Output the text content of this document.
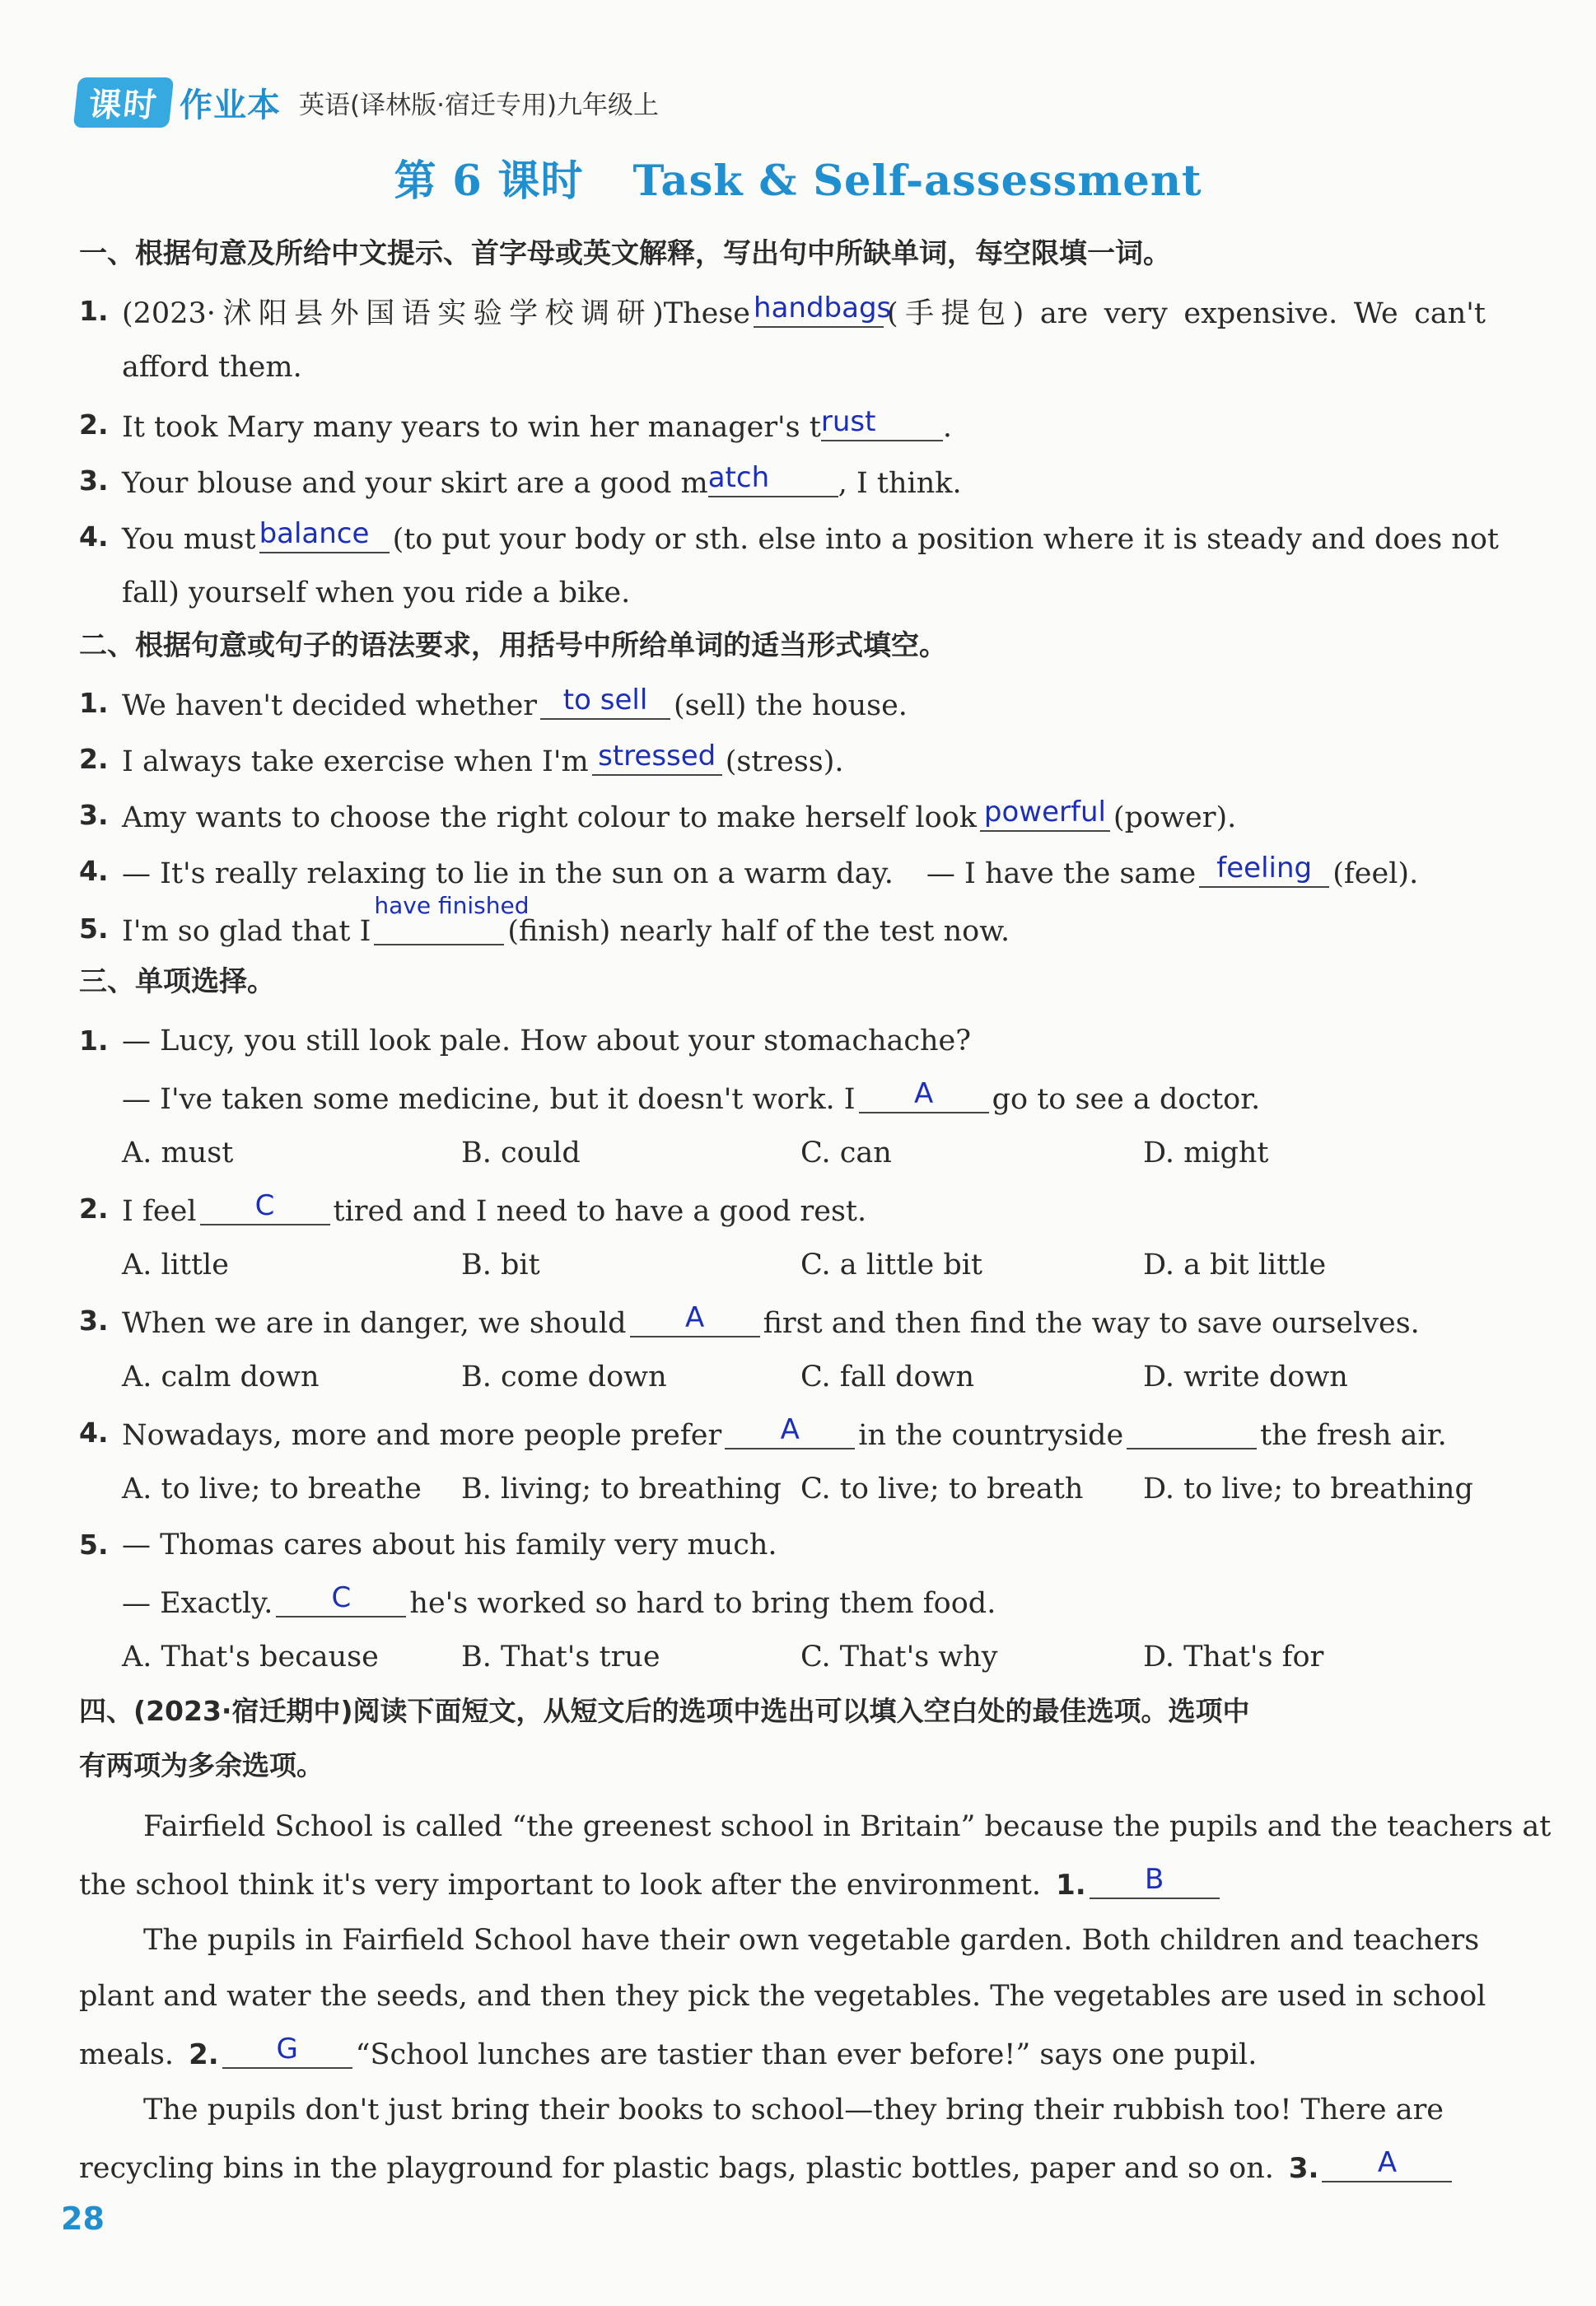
课时 作业本 英语(译林版·宿迁专用)九年级上
第 6 课时 Task & Self-assessment
一、根据句意及所给中文提示、首字母或英文解释，写出句中所缺单词，每空限填一词。
1. (2023·沭阳县外国语实验学校调研)These handbags
(手提包) are very expensive. We can't
afford them.
2. It took Mary many years to win her manager's t rust	.
3. Your blouse and your skirt are a good m atch	, I think.
4. You must balance (to put your body or sth. else into a position where it is steady and does not
fall) yourself when you ride a bike.
二、根据句意或句子的语法要求，用括号中所给单词的适当形式填空。
1. We haven't decided whether to sell (sell) the house.
2. I always take exercise when I'm stressed (stress).
3. Amy wants to choose the right colour to make herself look powerful (power).
4. — It's really relaxing to lie in the sun on a warm day. — I have the same feeling (feel).
5. I'm so glad that I
have finished
(finish) nearly half of the test now.
三、单项选择。
1. — Lucy, you still look pale. How about your stomachache?
— I've taken some medicine, but it doesn't work. I	A	go to see a doctor.
A. must	B. could	C. can	D. might
2. I feel	C	tired and I need to have a good rest.
A. little	B. bit	C. a little bit	D. a bit little
3. When we are in danger, we should	A	first and then find the way to save ourselves.
A. calm down	B. come down	C. fall down	D. write down
4. Nowadays, more and more people prefer	A	in the countryside	the fresh air.
A. to live; to breathe B. living; to breathing C. to live; to breath D. to live; to breathing
5. — Thomas cares about his family very much.
— Exactly.	C	he's worked so hard to bring them food.
A. That's because	B. That's true	C. That's why	D. That's for
四、(2023·宿迁期中)阅读下面短文，从短文后的选项中选出可以填入空白处的最佳选项。选项中
有两项为多余选项。
Fairfield School is called “the greenest school in Britain” because the pupils and the teachers at
the school think it's very important to look after the environment. 1.	B
The pupils in Fairfield School have their own vegetable garden. Both children and teachers
plant and water the seeds, and then they pick the vegetables. The vegetables are used in school
meals. 2.	G	“School lunches are tastier than ever before!” says one pupil.
The pupils don't just bring their books to school—they bring their rubbish too! There are
recycling bins in the playground for plastic bags, plastic bottles, paper and so on. 3.	A
28
